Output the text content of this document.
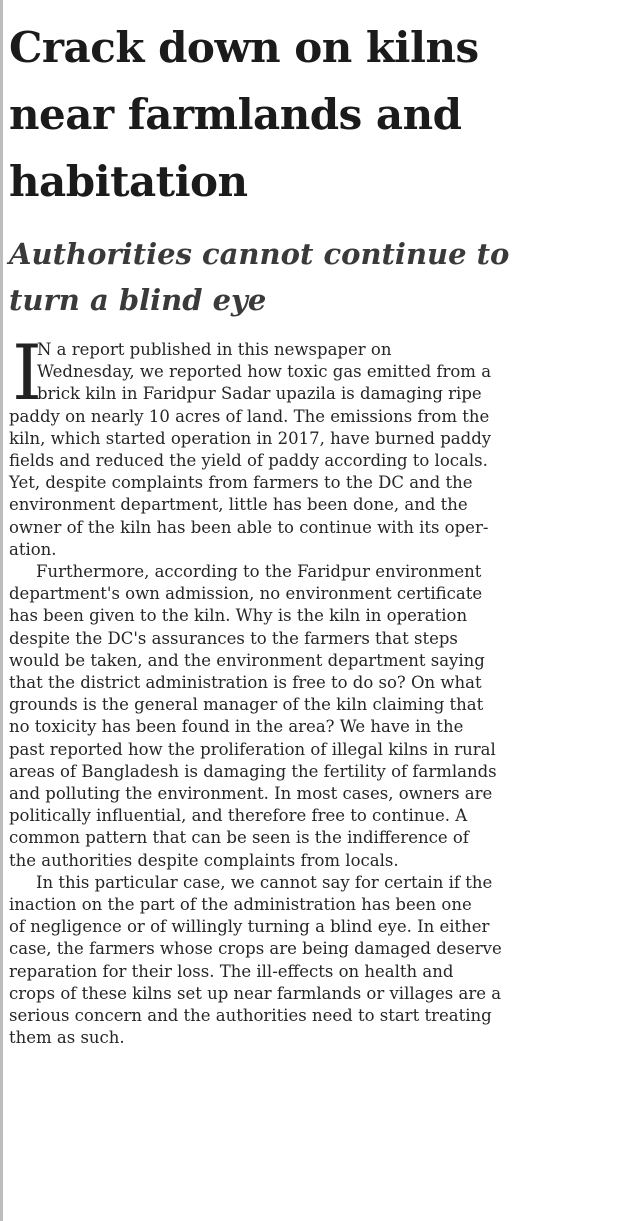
Crack down on kilns
near farmlands and
habitation
Authorities cannot continue to
turn a blind eye
I
N a report published in this newspaper on
Wednesday, we reported how toxic gas emitted from a
brick kiln in Faridpur Sadar upazila is damaging ripe
paddy on nearly 10 acres of land. The emissions from the
kiln, which started operation in 2017, have burned paddy
fields and reduced the yield of paddy according to locals.
Yet, despite complaints from farmers to the DC and the
environment department, little has been done, and the
owner of the kiln has been able to continue with its oper-
ation.
Furthermore, according to the Faridpur environment
department's own admission, no environment certificate
has been given to the kiln. Why is the kiln in operation
despite the DC's assurances to the farmers that steps
would be taken, and the environment department saying
that the district administration is free to do so? On what
grounds is the general manager of the kiln claiming that
no toxicity has been found in the area? We have in the
past reported how the proliferation of illegal kilns in rural
areas of Bangladesh is damaging the fertility of farmlands
and polluting the environment. In most cases, owners are
politically influential, and therefore free to continue. A
common pattern that can be seen is the indifference of
the authorities despite complaints from locals.
In this particular case, we cannot say for certain if the
inaction on the part of the administration has been one
of negligence or of willingly turning a blind eye. In either
case, the farmers whose crops are being damaged deserve
reparation for their loss. The ill-effects on health and
crops of these kilns set up near farmlands or villages are a
serious concern and the authorities need to start treating
them as such.
